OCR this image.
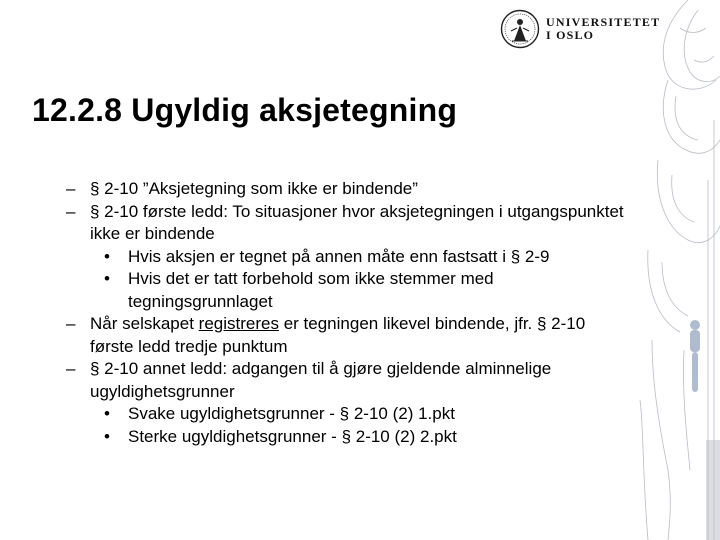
UNIVERSITETET
I OSLO
12.2.8 Ugyldig aksjetegning
– § 2-10 ”Aksjetegning som ikke er bindende”
– § 2-10 første ledd: To situasjoner hvor aksjetegningen i utgangspunktet ikke er bindende
• Hvis aksjen er tegnet på annen måte enn fastsatt i § 2-9
• Hvis det er tatt forbehold som ikke stemmer med tegningsgrunnlaget
– Når selskapet registreres er tegningen likevel bindende, jfr. § 2-10 første ledd tredje punktum
– § 2-10 annet ledd: adgangen til å gjøre gjeldende alminnelige ugyldighetsgrunner
• Svake ugyldighetsgrunner - § 2-10 (2) 1.pkt
• Sterke ugyldighetsgrunner - § 2-10 (2) 2.pkt
